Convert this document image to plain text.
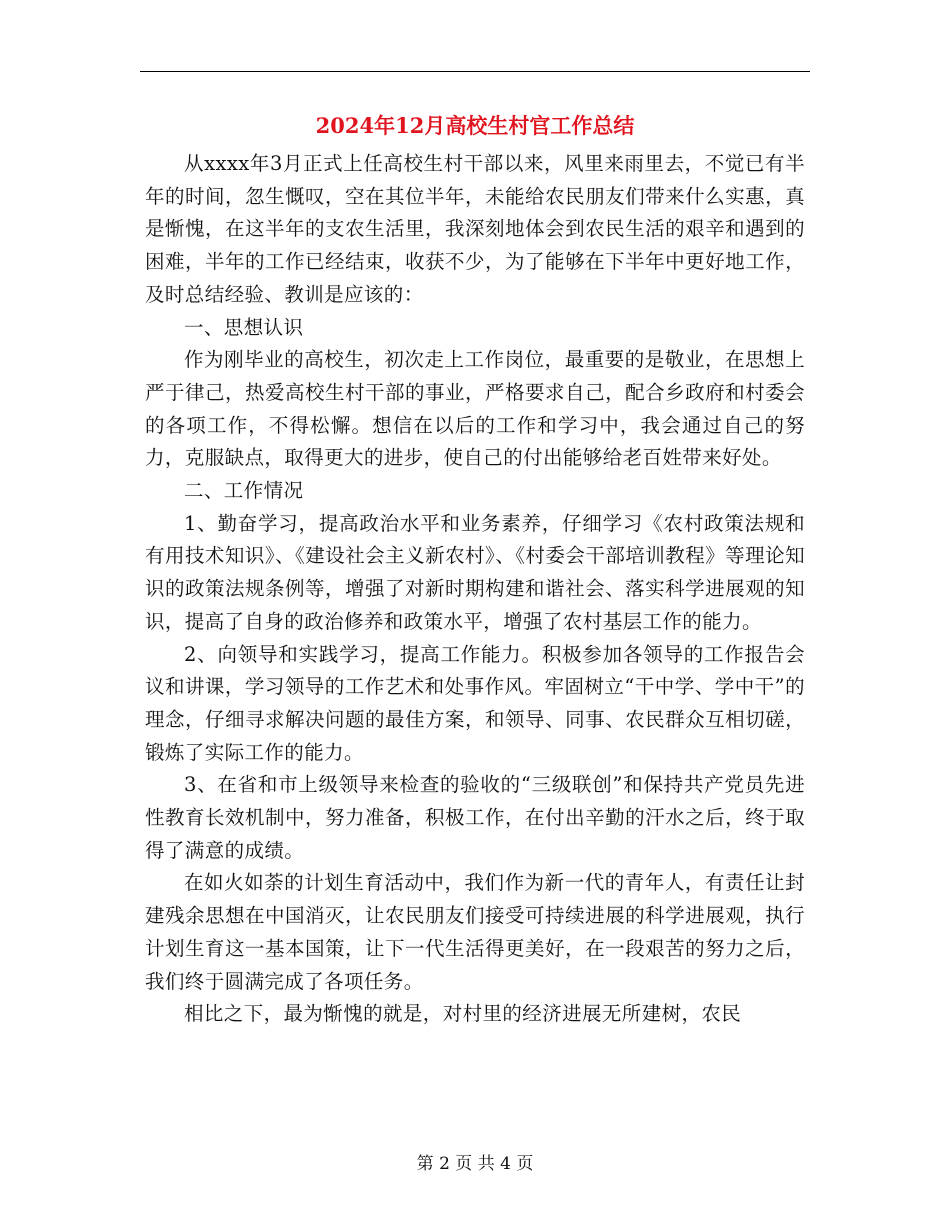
2024年12月高校生村官工作总结

从xxxx年3月正式上任高校生村干部以来，风里来雨里去，不觉已有半年的时间，忽生慨叹，空在其位半年，未能给农民朋友们带来什么实惠，真是惭愧，在这半年的支农生活里，我深刻地体会到农民生活的艰辛和遇到的困难，半年的工作已经结束，收获不少，为了能够在下半年中更好地工作，及时总结经验、教训是应该的：

一、思想认识

作为刚毕业的高校生，初次走上工作岗位，最重要的是敬业，在思想上严于律己，热爱高校生村干部的事业，严格要求自己，配合乡政府和村委会的各项工作，不得松懈。想信在以后的工作和学习中，我会通过自己的努力，克服缺点，取得更大的进步，使自己的付出能够给老百姓带来好处。

二、工作情况

1、勤奋学习，提高政治水平和业务素养，仔细学习《农村政策法规和有用技术知识》、《建设社会主义新农村》、《村委会干部培训教程》等理论知识的政策法规条例等，增强了对新时期构建和谐社会、落实科学进展观的知识，提高了自身的政治修养和政策水平，增强了农村基层工作的能力。

2、向领导和实践学习，提高工作能力。积极参加各领导的工作报告会议和讲课，学习领导的工作艺术和处事作风。牢固树立“干中学、学中干”的理念，仔细寻求解决问题的最佳方案，和领导、同事、农民群众互相切磋，锻炼了实际工作的能力。

3、在省和市上级领导来检查的验收的“三级联创”和保持共产党员先进性教育长效机制中，努力准备，积极工作，在付出辛勤的汗水之后，终于取得了满意的成绩。

在如火如荼的计划生育活动中，我们作为新一代的青年人，有责任让封建残余思想在中国消灭，让农民朋友们接受可持续进展的科学进展观，执行计划生育这一基本国策，让下一代生活得更美好，在一段艰苦的努力之后，我们终于圆满完成了各项任务。

相比之下，最为惭愧的就是，对村里的经济进展无所建树，农民

第 2 页 共 4 页
